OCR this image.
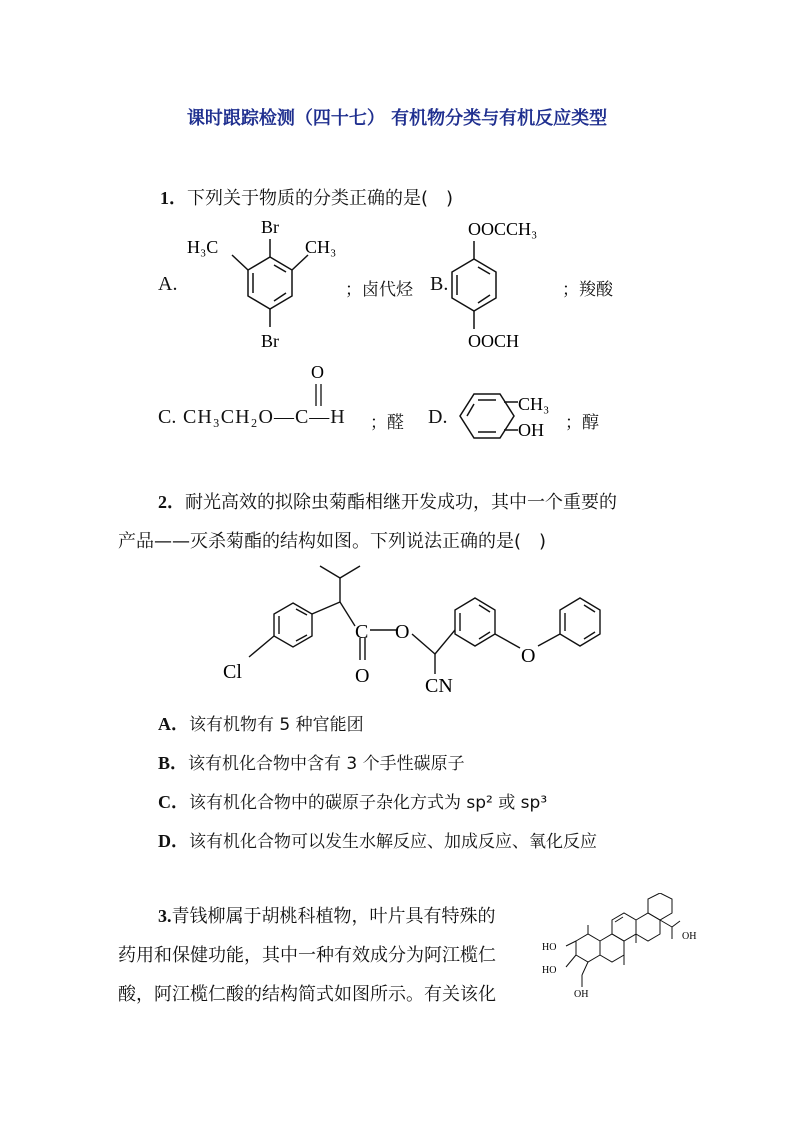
课时跟踪检测（四十七） 有机物分类与有机反应类型
1．下列关于物质的分类正确的是(　)
A.
Br
Br
H₃C	CH₃
；卤代烃 B.
OOCCH₃
OOCH
；羧酸
C. CH₃CH₂O—C—H
O
；醛 D.
CH₃
OH ；醇
2．耐光高效的拟除虫菊酯相继开发成功，其中一个重要的
产品——灭杀菊酯的结构如图。下列说法正确的是(　)
Cl
C O
O	CN
O
A．该有机物有 5 种官能团
B．该有机化合物中含有 3 个手性碳原子
C．该有机化合物中的碳原子杂化方式为 sp² 或 sp³
D．该有机化合物可以发生水解反应、加成反应、氧化反应
3.青钱柳属于胡桃科植物，叶片具有特殊的
药用和保健功能，其中一种有效成分为阿江榄仁
酸，阿江榄仁酸的结构简式如图所示。有关该化
OH
HO
HO
OH
